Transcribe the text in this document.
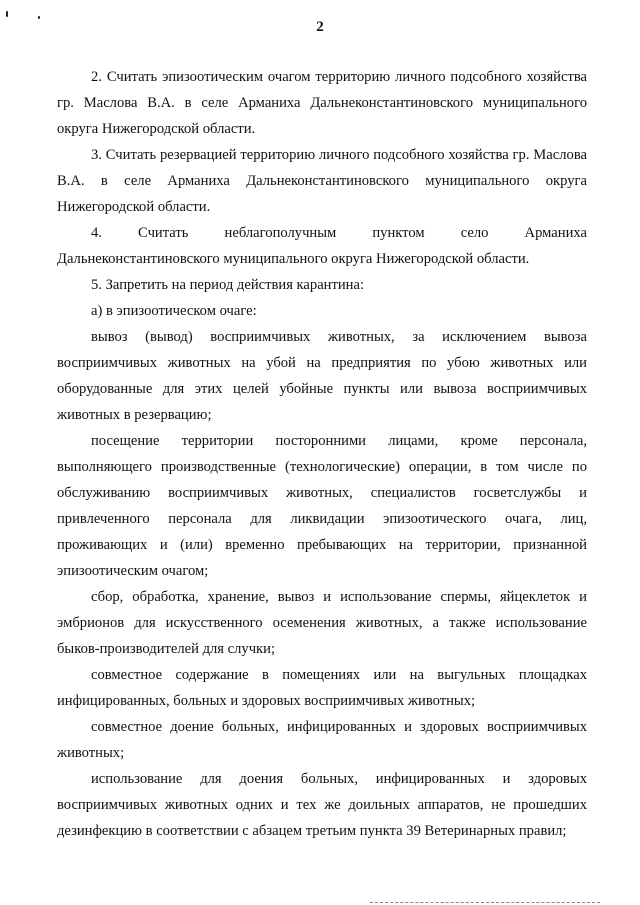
2

2. Считать эпизоотическим очагом территорию личного подсобного хозяйства гр. Маслова В.А. в селе Арманиха Дальнеконстантиновского муниципального округа Нижегородской области.

3. Считать резервацией территорию личного подсобного хозяйства гр. Маслова В.А. в селе Арманиха Дальнеконстантиновского муниципального округа Нижегородской области.

4. Считать неблагополучным пунктом село Арманиха Дальнеконстантиновского муниципального округа Нижегородской области.

5. Запретить на период действия карантина:

а) в эпизоотическом очаге:

вывоз (вывод) восприимчивых животных, за исключением вывоза восприимчивых животных на убой на предприятия по убою животных или оборудованные для этих целей убойные пункты или вывоза восприимчивых животных в резервацию;

посещение территории посторонними лицами, кроме персонала, выполняющего производственные (технологические) операции, в том числе по обслуживанию восприимчивых животных, специалистов госветслужбы и привлеченного персонала для ликвидации эпизоотического очага, лиц, проживающих и (или) временно пребывающих на территории, признанной эпизоотическим очагом;

сбор, обработка, хранение, вывоз и использование спермы, яйцеклеток и эмбрионов для искусственного осеменения животных, а также использование быков-производителей для случки;

совместное содержание в помещениях или на выгульных площадках инфицированных, больных и здоровых восприимчивых животных;

совместное доение больных, инфицированных и здоровых восприимчивых животных;

использование для доения больных, инфицированных и здоровых восприимчивых животных одних и тех же доильных аппаратов, не прошедших дезинфекцию в соответствии с абзацем третьим пункта 39 Ветеринарных правил;
